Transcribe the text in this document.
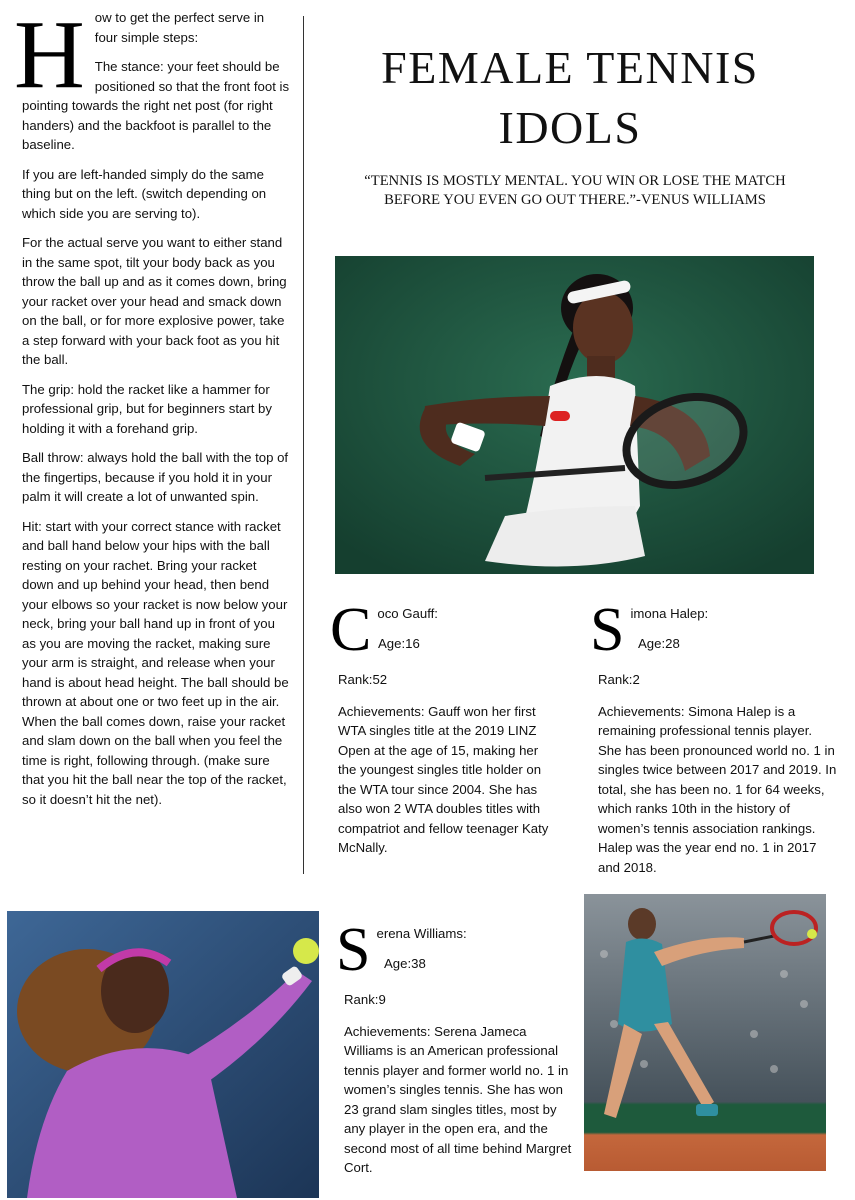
H ow to get the perfect serve in four simple steps:

The stance: your feet should be positioned so that the front foot is pointing towards the right net post (for right handers) and the backfoot is parallel to the baseline.

If you are left-handed simply do the same thing but on the left. (switch depending on which side you are serving to).

For the actual serve you want to either stand in the same spot, tilt your body back as you throw the ball up and as it comes down, bring your racket over your head and smack down on the ball, or for more explosive power, take a step forward with your back foot as you hit the ball.

The grip: hold the racket like a hammer for professional grip, but for beginners start by holding it with a forehand grip.

Ball throw: always hold the ball with the top of the fingertips, because if you hold it in your palm it will create a lot of unwanted spin.

Hit: start with your correct stance with racket and ball hand below your hips with the ball resting on your rachet. Bring your racket down and up behind your head, then bend your elbows so your racket is now below your neck, bring your ball hand up in front of you as you are moving the racket, making sure your arm is straight, and release when your hand is about head height. The ball should be thrown at about one or two feet up in the air. When the ball comes down, raise your racket and slam down on the ball when you feel the time is right, following through. (make sure that you hit the ball near the top of the racket, so it doesn’t hit the net).

FEMALE TENNIS IDOLS
“TENNIS IS MOSTLY MENTAL. YOU WIN OR LOSE THE MATCH BEFORE YOU EVEN GO OUT THERE.”-VENUS WILLIAMS
C oco Gauff:
Age:16
Rank:52
Achievements: Gauff won her first WTA singles title at the 2019 LINZ Open at the age of 15, making her the youngest singles title holder on the WTA tour since 2004. She has also won 2 WTA doubles titles with compatriot and fellow teenager Katy McNally.
S imona Halep:
Age:28
Rank:2
Achievements: Simona Halep is a remaining professional tennis player. She has been pronounced world no. 1 in singles twice between 2017 and 2019. In total, she has been no. 1 for 64 weeks, which ranks 10th in the history of women’s tennis association rankings. Halep was the year end no. 1 in 2017 and 2018.
S erena Williams:
Age:38
Rank:9
Achievements: Serena Jameca Williams is an American professional tennis player and former world no. 1 in women’s singles tennis. She has won 23 grand slam singles titles, most by any player in the open era, and the second most of all time behind Margret Cort.
